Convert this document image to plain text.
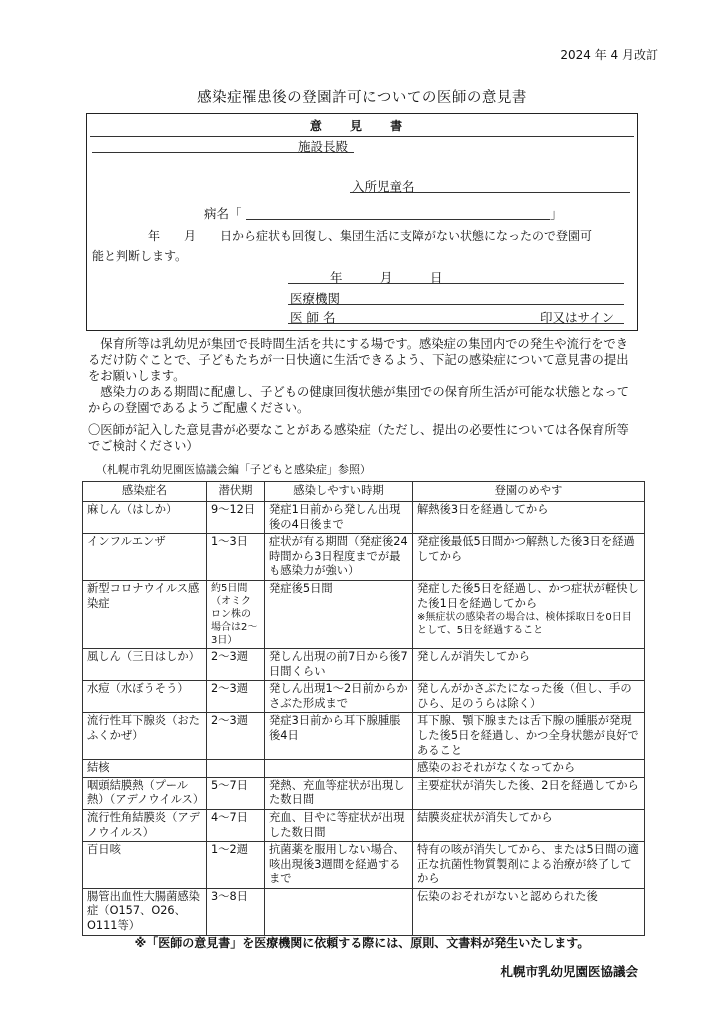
2024 年 4 月改訂
感染症罹患後の登園許可についての医師の意見書
意 見 書
施設長殿
入所児童名
病名「	」
年　　月　　日から症状も回復し、集団生活に支障がない状態になったので登園可
能と判断します。
年　　　月　　　日
医療機関
医 師 名	印又はサイン
保育所等は乳幼児が集団で長時間生活を共にする場です。感染症の集団内での発生や流行をできるだけ防ぐことで、子どもたちが一日快適に生活できるよう、下記の感染症について意見書の提出をお願いします。
感染力のある期間に配慮し、子どもの健康回復状態が集団での保育所生活が可能な状態となってからの登園であるようご配慮ください。
〇医師が記入した意見書が必要なことがある感染症（ただし、提出の必要性については各保育所等でご検討ください）
（札幌市乳幼児園医協議会編「子どもと感染症」参照）
感染症名	潜伏期	感染しやすい時期	登園のめやす
麻しん（はしか）	9〜12日	発症1日前から発しん出現後の4日後まで	解熱後3日を経過してから
インフルエンザ	1〜3日	症状が有る期間（発症後24時間から3日程度までが最も感染力が強い）	発症後最低5日間かつ解熱した後3日を経過してから
新型コロナウイルス感染症	約5日間（オミクロン株の場合は2〜3日）	発症後5日間	発症した後5日を経過し、かつ症状が軽快した後1日を経過してから
※無症状の感染者の場合は、検体採取日を0日目として、5日を経過すること

風しん（三日はしか）	2〜3週	発しん出現の前7日から後7日間くらい	発しんが消失してから
水痘（水ぼうそう）	2〜3週	発しん出現1〜2日前からかさぶた形成まで	発しんがかさぶたになった後（但し、手のひら、足のうらは除く）
流行性耳下腺炎（おたふくかぜ）	2〜3週	発症3日前から耳下腺腫脹後4日	耳下腺、顎下腺または舌下腺の腫脹が発現した後5日を経過し、かつ全身状態が良好であること
結核			感染のおそれがなくなってから
咽頭結膜熱（プール熱）（アデノウイルス）	5〜7日	発熱、充血等症状が出現した数日間	主要症状が消失した後、2日を経過してから
流行性角結膜炎（アデノウイルス）	4〜7日	充血、目やに等症状が出現した数日間	結膜炎症状が消失してから
百日咳	1〜2週	抗菌薬を服用しない場合、咳出現後3週間を経過するまで	特有の咳が消失してから、または5日間の適正な抗菌性物質製剤による治療が終了してから
腸管出血性大腸菌感染症（O157、O26、O111等）	3〜8日		伝染のおそれがないと認められた後
※「医師の意見書」を医療機関に依頼する際には、原則、文書料が発生いたします。
札幌市乳幼児園医協議会
